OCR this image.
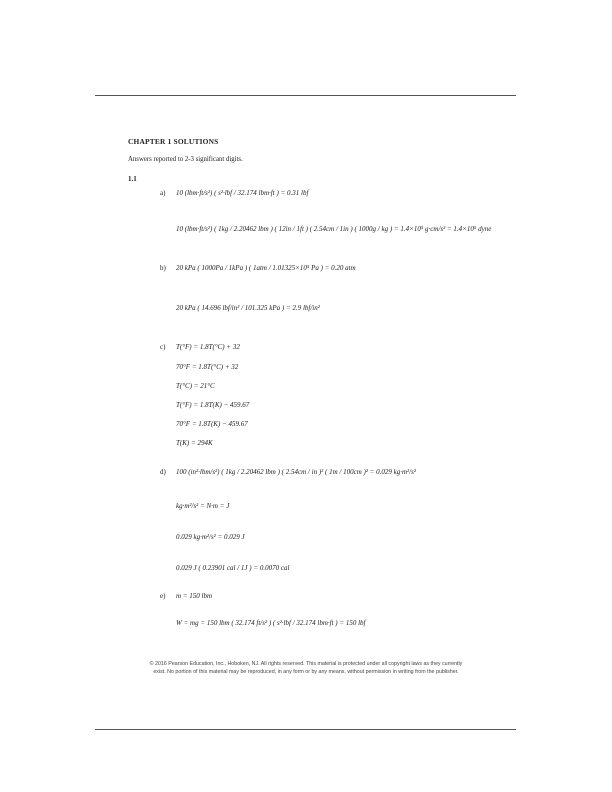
CHAPTER 1 SOLUTIONS
Answers reported to 2-3 significant digits.
1.1
a) 10 (lbm·ft/s²) ( s²·lbf / 32.174 lbm·ft ) = 0.31 lbf
10 (lbm·ft/s²) ( 1kg / 2.20462 lbm ) ( 12in / 1ft ) ( 2.54cm / 1in ) ( 1000g / kg ) = 1.4×10⁵ g·cm/s² = 1.4×10⁵ dyne
b) 20 kPa ( 1000Pa / 1kPa ) ( 1atm / 1.01325×10⁵ Pa ) = 0.20 atm
20 kPa ( 14.696 lbf/in² / 101.325 kPa ) = 2.9 lbf/in²
c) T(°F) = 1.8T(°C) + 32
70°F = 1.8T(°C) + 32
T(°C) = 21°C
T(°F) = 1.8T(K) − 459.67
70°F = 1.8T(K) − 459.67
T(K) = 294K
d) 100 (in²·lbm/s²) ( 1kg / 2.20462 lbm ) ( 2.54cm / in )² ( 1m / 100cm )² = 0.029 kg·m²/s²
kg·m²/s² = N·m = J
0.029 kg·m²/s² = 0.029 J
0.029 J ( 0.23901 cal / 1J ) = 0.0070 cal
e) m = 150 lbm
W = mg = 150 lbm ( 32.174 ft/s² ) ( s²·lbf / 32.174 lbm·ft ) = 150 lbf
© 2016 Pearson Education, Inc., Hoboken, NJ. All rights reserved. This material is protected under all copyright laws as they currently
exist. No portion of this material may be reproduced, in any form or by any means, without permission in writing from the publisher.
